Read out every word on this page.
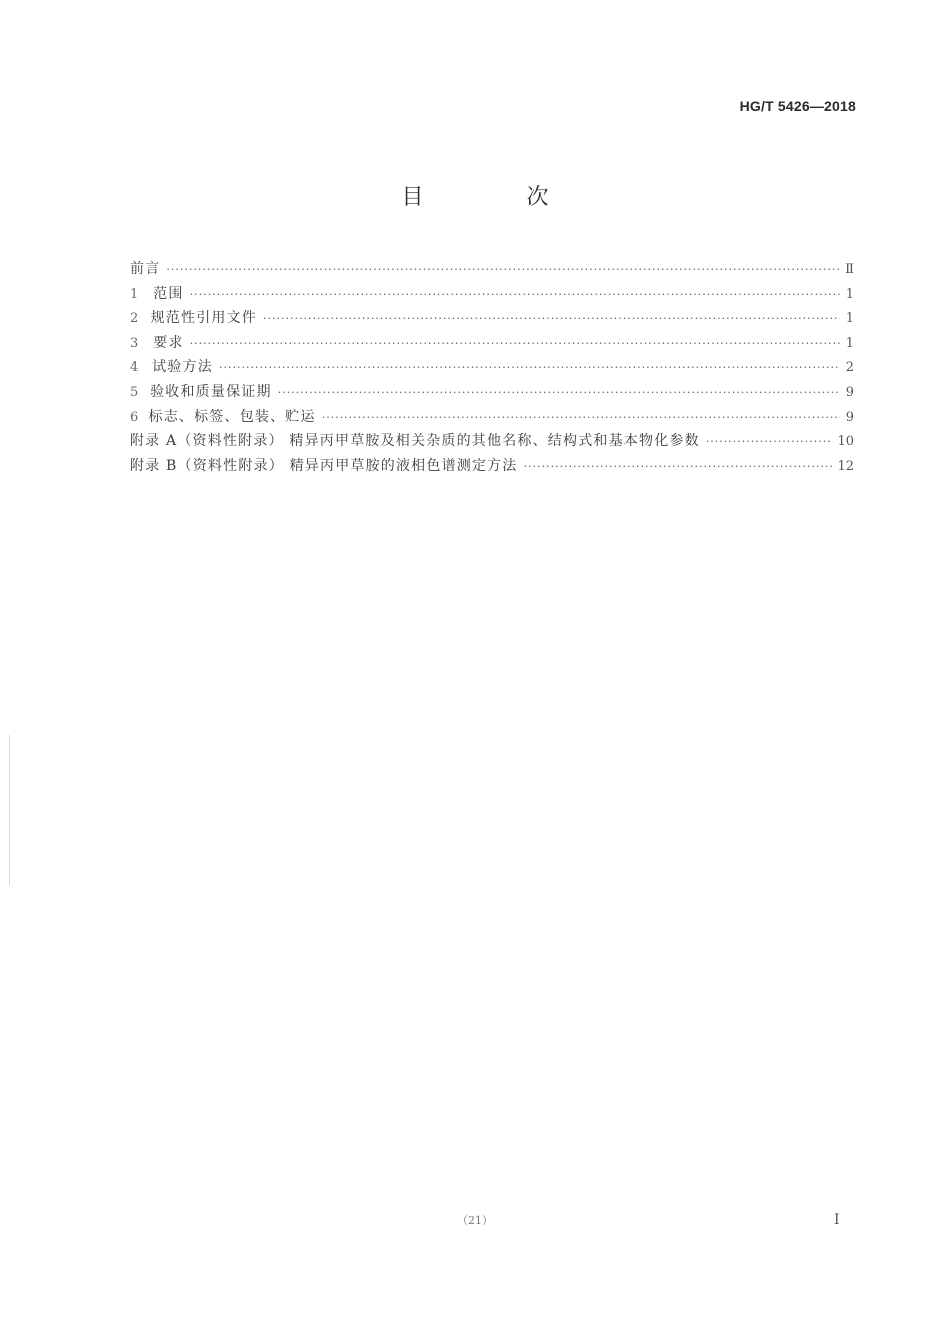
HG/T 5426—2018
目 次
前言 ·····	Ⅱ
1	范围 ·····	1
2 规范性引用文件 ·····	1
3	要求 ·····	1
4 试验方法 ·····	2
5 验收和质量保证期 ·····	9
6 标志、标签、包装、贮运 ·····	9
附录 A（资料性附录） 精异丙甲草胺及相关杂质的其他名称、结构式和基本物化参数 ·····	10
附录 B（资料性附录） 精异丙甲草胺的液相色谱测定方法 ·····	12
（21）	Ⅰ
